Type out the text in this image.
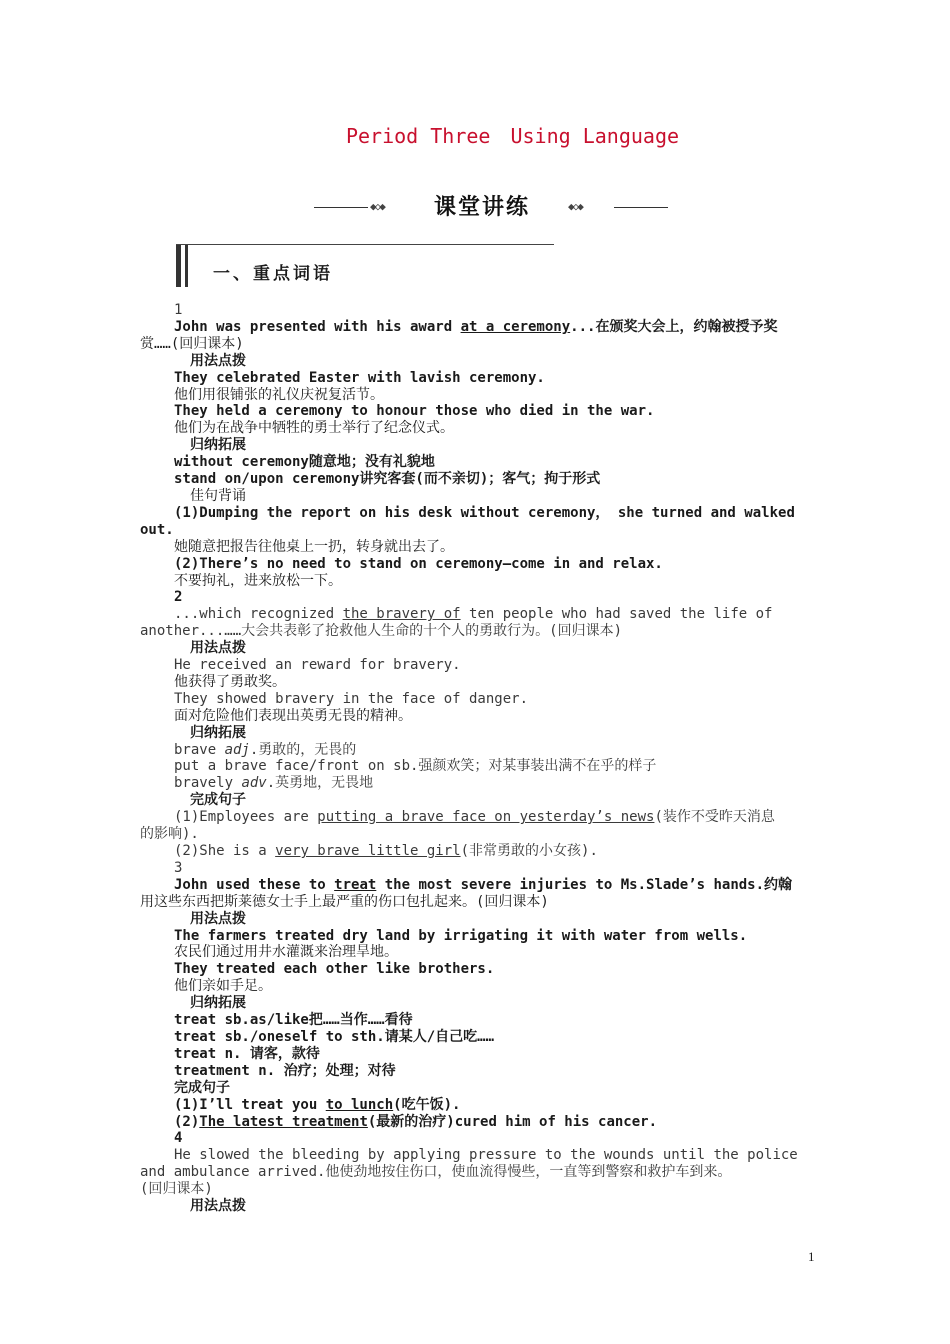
Period Three Using Language
◆◇◆ 课堂讲练	◆◇◆
一、重点词语

1

John was presented with his award at a ceremony...在颁奖大会上，约翰被授予奖

赏……(回归课本)

用法点拨

They celebrated Easter with lavish ceremony.

他们用很铺张的礼仪庆祝复活节。

They held a ceremony to honour those who died in the war.

他们为在战争中牺牲的勇士举行了纪念仪式。

归纳拓展

without ceremony随意地；没有礼貌地

stand on/upon ceremony讲究客套(而不亲切)；客气；拘于形式

佳句背诵

(1)Dumping the report on his desk without ceremony， she turned and walked

out.

她随意把报告往他桌上一扔，转身就出去了。

(2)There’s no need to stand on ceremony—come in and relax.

不要拘礼，进来放松一下。

2

...which recognized the bravery of ten people who had saved the life of

another...……大会共表彰了抢救他人生命的十个人的勇敢行为。(回归课本)

用法点拨

He received an reward for bravery.

他获得了勇敢奖。

They showed bravery in the face of danger.

面对危险他们表现出英勇无畏的精神。

归纳拓展

brave adj.勇敢的，无畏的

put a brave face/front on sb.强颜欢笑；对某事装出满不在乎的样子

bravely adv.英勇地，无畏地

完成句子

(1)Employees are putting a brave face on yesterday’s news(装作不受昨天消息

的影响).

(2)She is a very brave little girl(非常勇敢的小女孩).

3

John used these to treat the most severe injuries to Ms.Slade’s hands.约翰

用这些东西把斯莱德女士手上最严重的伤口包扎起来。(回归课本)

用法点拨

The farmers treated dry land by irrigating it with water from wells.

农民们通过用井水灌溉来治理旱地。

They treated each other like brothers.

他们亲如手足。

归纳拓展

treat sb.as/like把……当作……看待

treat sb./oneself to sth.请某人/自己吃……

treat n. 请客，款待

treatment n. 治疗；处理；对待

完成句子

(1)I’ll treat you to lunch(吃午饭).

(2)The latest treatment(最新的治疗)cured him of his cancer.

4

He slowed the bleeding by applying pressure to the wounds until the police

and ambulance arrived.他使劲地按住伤口，使血流得慢些，一直等到警察和救护车到来。

(回归课本)

用法点拨

1
